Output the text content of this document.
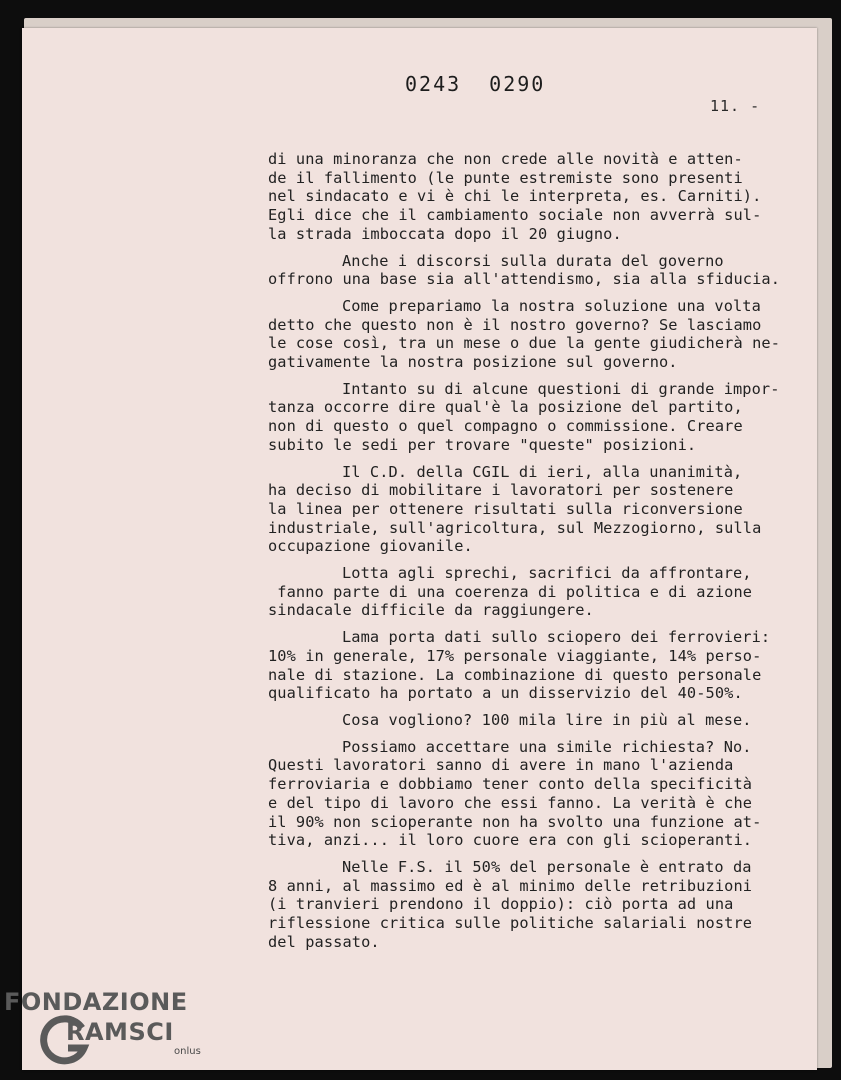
0243 0290
11. -
di una minoranza che non crede alle novità e atten-
de il fallimento (le punte estremiste sono presenti
nel sindacato e vi è chi le interpreta, es. Carniti).
Egli dice che il cambiamento sociale non avverrà sul-
la strada imboccata dopo il 20 giugno.
Anche i discorsi sulla durata del governo
offrono una base sia all'attendismo, sia alla sfiducia.
Come prepariamo la nostra soluzione una volta
detto che questo non è il nostro governo? Se lasciamo
le cose così, tra un mese o due la gente giudicherà ne-
gativamente la nostra posizione sul governo.
Intanto su di alcune questioni di grande impor-
tanza occorre dire qual'è la posizione del partito,
non di questo o quel compagno o commissione. Creare
subito le sedi per trovare "queste" posizioni.
Il C.D. della CGIL di ieri, alla unanimità,
ha deciso di mobilitare i lavoratori per sostenere
la linea per ottenere risultati sulla riconversione
industriale, sull'agricoltura, sul Mezzogiorno, sulla
occupazione giovanile.
Lotta agli sprechi, sacrifici da affrontare,
fanno parte di una coerenza di politica e di azione
sindacale difficile da raggiungere.
Lama porta dati sullo sciopero dei ferrovieri:
10% in generale, 17% personale viaggiante, 14% perso-
nale di stazione. La combinazione di questo personale
qualificato ha portato a un disservizio del 40-50%.
Cosa vogliono? 100 mila lire in più al mese.
Possiamo accettare una simile richiesta? No.
Questi lavoratori sanno di avere in mano l'azienda
ferroviaria e dobbiamo tener conto della specificità
e del tipo di lavoro che essi fanno. La verità è che
il 90% non scioperante non ha svolto una funzione at-
tiva, anzi... il loro cuore era con gli scioperanti.
Nelle F.S. il 50% del personale è entrato da
8 anni, al massimo ed è al minimo delle retribuzioni
(i tranvieri prendono il doppio): ciò porta ad una
riflessione critica sulle politiche salariali nostre
del passato.
FONDAZIONE
RAMSCI
onlus
